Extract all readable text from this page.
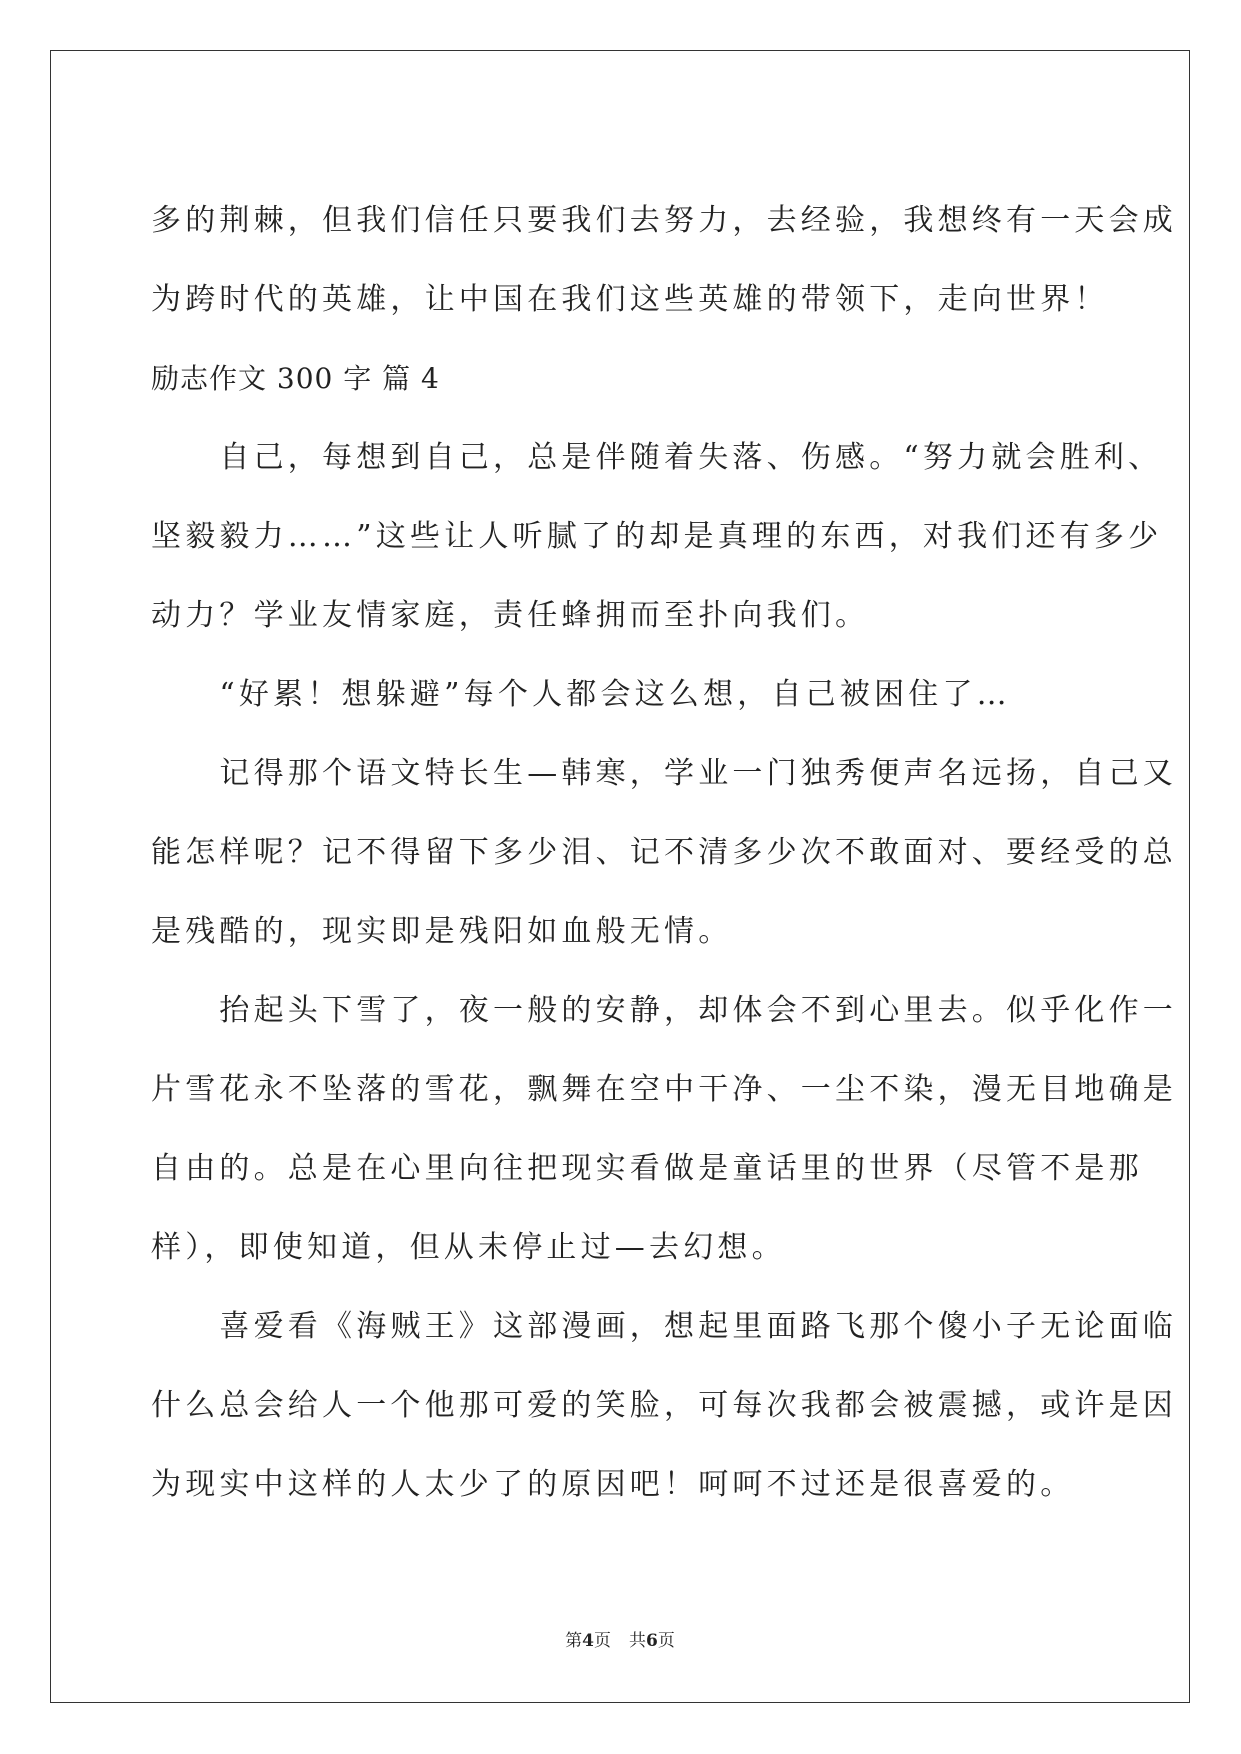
多的荆棘，但我们信任只要我们去努力，去经验，我想终有一天会成
为跨时代的英雄，让中国在我们这些英雄的带领下，走向世界！
励志作文 300 字 篇 4
　　自己，每想到自己，总是伴随着失落、伤感。“努力就会胜利、
坚毅毅力……”这些让人听腻了的却是真理的东西，对我们还有多少
动力？学业友情家庭，责任蜂拥而至扑向我们。
　　“好累！想躲避”每个人都会这么想，自己被困住了…
　　记得那个语文特长生—韩寒，学业一门独秀便声名远扬，自己又
能怎样呢？记不得留下多少泪、记不清多少次不敢面对、要经受的总
是残酷的，现实即是残阳如血般无情。
　　抬起头下雪了，夜一般的安静，却体会不到心里去。似乎化作一
片雪花永不坠落的雪花，飘舞在空中干净、一尘不染，漫无目地确是
自由的。总是在心里向往把现实看做是童话里的世界（尽管不是那
样），即使知道，但从未停止过—去幻想。
　　喜爱看《海贼王》这部漫画，想起里面路飞那个傻小子无论面临
什么总会给人一个他那可爱的笑脸，可每次我都会被震撼，或许是因
为现实中这样的人太少了的原因吧！呵呵不过还是很喜爱的。
第4页 共6页
